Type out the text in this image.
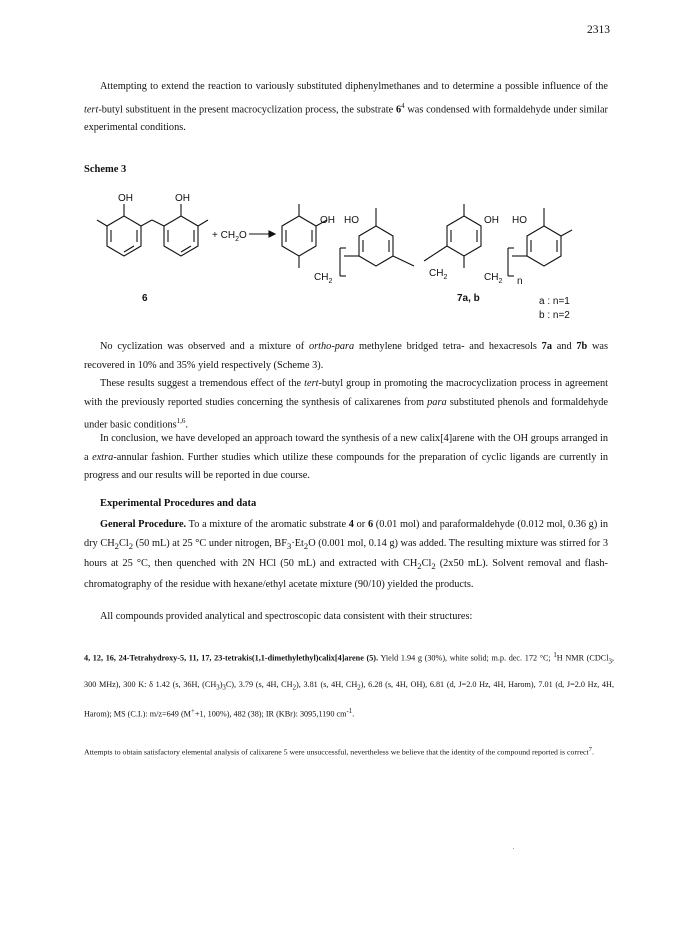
2313

Attempting to extend the reaction to variously substituted diphenylmethanes and to determine a possible influence of the tert-butyl substituent in the present macrocyclization process, the substrate $6^4$ was condensed with formaldehyde under similar experimental conditions.

Scheme 3
OH	OH
+ $CH_2O$
OH HO	OH HO
$CH_2$
$CH_2$	$CH_2$ n
6	7a, b	a : n=1
b : n=2

No cyclization was observed and a mixture of ortho-para methylene bridged tetra- and hexacresols 7a and 7b was recovered in 10% and 35% yield respectively (Scheme 3).

These results suggest a tremendous effect of the tert-butyl group in promoting the macrocyclization process in agreement with the previously reported studies concerning the synthesis of calixarenes from para substituted phenols and formaldehyde under basic conditions$^{1,6}$.

In conclusion, we have developed an approach toward the synthesis of a new calix[4]arene with the OH groups arranged in a extra-annular fashion. Further studies which utilize these compounds for the preparation of cyclic ligands are currently in progress and our results will be reported in due course.

Experimental Procedures and data

General Procedure. To a mixture of the aromatic substrate 4 or 6 (0.01 mol) and paraformaldehyde (0.012 mol, 0.36 g) in dry $CH_2Cl_2$ (50 mL) at 25 °C under nitrogen, $BF_3\cdot Et_2O$ (0.001 mol, 0.14 g) was added. The resulting mixture was stirred for 3 hours at 25 °C, then quenched with 2N HCl (50 mL) and extracted with $CH_2Cl_2$ (2x50 mL). Solvent removal and flash-chromatography of the residue with hexane/ethyl acetate mixture (90/10) yielded the products.

All compounds provided analytical and spectroscopic data consistent with their structures:

4, 12, 16, 24-Tetrahydroxy-5, 11, 17, 23-tetrakis(1,1-dimethylethyl)calix[4]arene (5). Yield 1.94 g (30%), white solid; m.p. dec. 172 °C; $^1$H NMR (CDCl$_3$, 300 MHz), 300 K: δ 1.42 (s, 36H, $(CH_3)_3C$), 3.79 (s, 4H, $CH_2$), 3.81 (s, 4H, $CH_2$), 6.28 (s, 4H, OH), 6.81 (d, J=2.0 Hz, 4H, Harom), 7.01 (d, J=2.0 Hz, 4H, Harom); MS (C.I.): m/z=649 (M++1, 100%), 482 (38); IR (KBr): 3095,1190 $cm^{-1}$.

Attempts to obtain satisfactory elemental analysis of calixarene 5 were unsuccessful, nevertheless we believe that the identity of the compound reported is correct$^7$.
